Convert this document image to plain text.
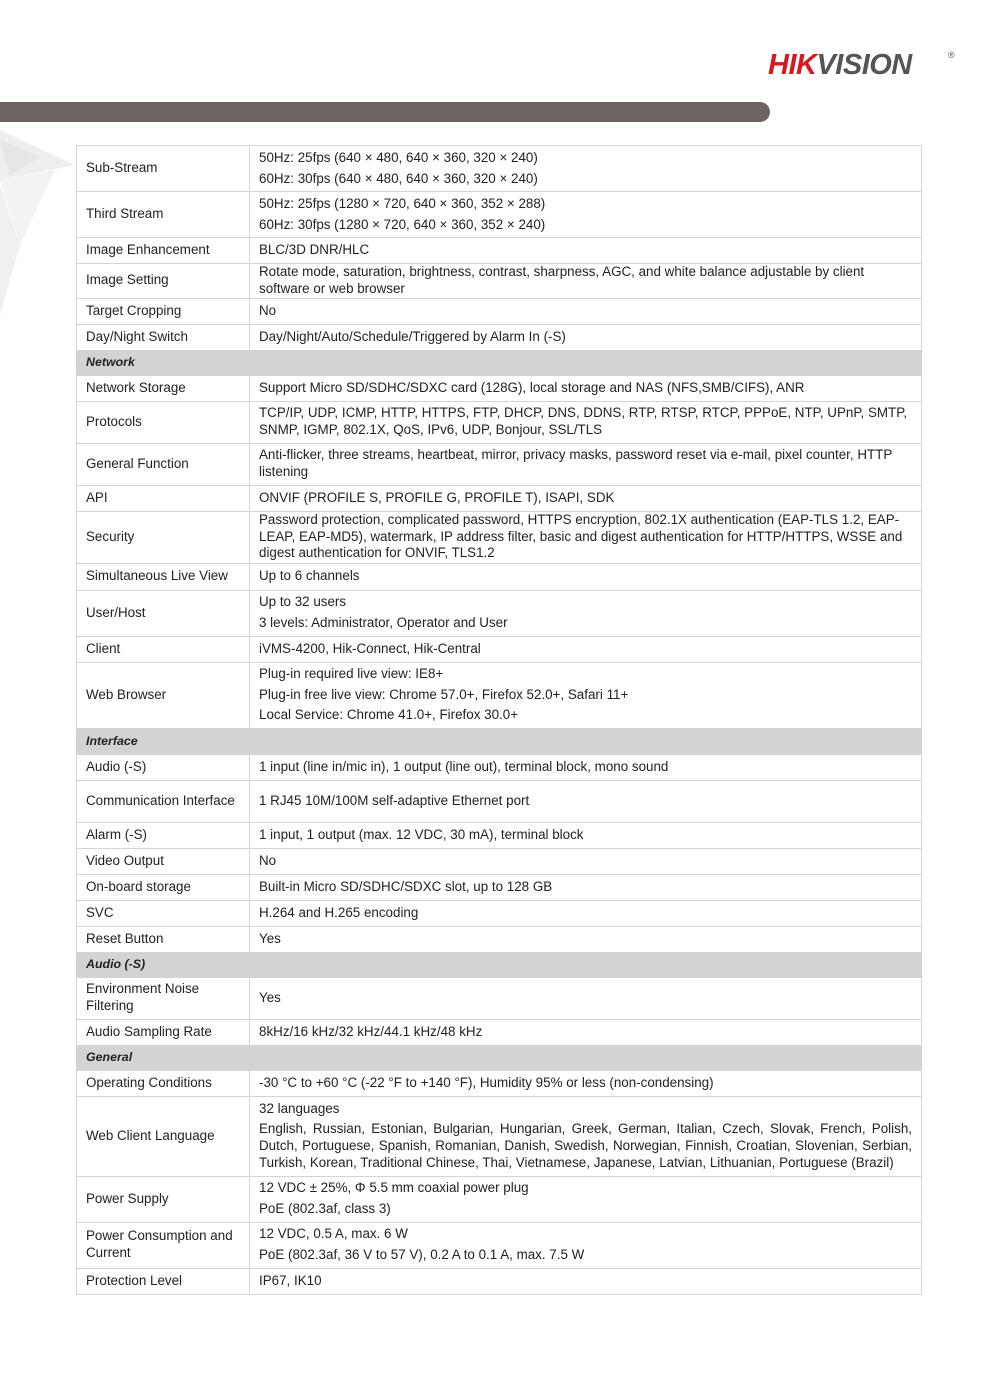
HIKVISION	®
Sub-Stream	50Hz: 25fps (640 × 480, 640 × 360, 320 × 240)
60Hz: 30fps (640 × 480, 640 × 360, 320 × 240)

Third Stream	50Hz: 25fps (1280 × 720, 640 × 360, 352 × 288)
60Hz: 30fps (1280 × 720, 640 × 360, 352 × 240)

Image Enhancement	BLC/3D DNR/HLC

Image Setting	Rotate mode, saturation, brightness, contrast, sharpness, AGC, and white balance adjustable by client software or web browser

Target Cropping	No

Day/Night Switch	Day/Night/Auto/Schedule/Triggered by Alarm In (-S)

Network	
Network Storage	Support Micro SD/SDHC/SDXC card (128G), local storage and NAS (NFS,SMB/CIFS), ANR

Protocols	TCP/IP, UDP, ICMP, HTTP, HTTPS, FTP, DHCP, DNS, DDNS, RTP, RTSP, RTCP, PPPoE, NTP, UPnP, SMTP, SNMP, IGMP, 802.1X, QoS, IPv6, UDP, Bonjour, SSL/TLS

General Function	Anti-flicker, three streams, heartbeat, mirror, privacy masks, password reset via e-mail, pixel counter, HTTP listening

API	ONVIF (PROFILE S, PROFILE G, PROFILE T), ISAPI, SDK

Security	Password protection, complicated password, HTTPS encryption, 802.1X authentication (EAP-TLS 1.2, EAP-LEAP, EAP-MD5), watermark, IP address filter, basic and digest authentication for HTTP/HTTPS, WSSE and digest authentication for ONVIF, TLS1.2

Simultaneous Live View	Up to 6 channels

User/Host	Up to 32 users
3 levels: Administrator, Operator and User

Client	iVMS-4200, Hik-Connect, Hik-Central

Web Browser	Plug-in required live view: IE8+
Plug-in free live view: Chrome 57.0+, Firefox 52.0+, Safari 11+
Local Service: Chrome 41.0+, Firefox 30.0+

Interface	
Audio (-S)	1 input (line in/mic in), 1 output (line out), terminal block, mono sound

Communication Interface	1 RJ45 10M/100M self-adaptive Ethernet port

Alarm (-S)	1 input, 1 output (max. 12 VDC, 30 mA), terminal block

Video Output	No

On-board storage	Built-in Micro SD/SDHC/SDXC slot, up to 128 GB

SVC	H.264 and H.265 encoding

Reset Button	Yes

Audio (-S)	
Environment Noise Filtering	Yes

Audio Sampling Rate	8kHz/16 kHz/32 kHz/44.1 kHz/48 kHz

General	
Operating Conditions	-30 °C to +60 °C (-22 °F to +140 °F), Humidity 95% or less (non-condensing)

Web Client Language	32 languages
English, Russian, Estonian, Bulgarian, Hungarian, Greek, German, Italian, Czech, Slovak, French, Polish, Dutch, Portuguese, Spanish, Romanian, Danish, Swedish, Norwegian, Finnish, Croatian, Slovenian, Serbian, Turkish, Korean, Traditional Chinese, Thai, Vietnamese, Japanese, Latvian, Lithuanian, Portuguese (Brazil)

Power Supply	12 VDC ± 25%, Φ 5.5 mm coaxial power plug
PoE (802.3af, class 3)

Power Consumption and Current	12 VDC, 0.5 A, max. 6 W
PoE (802.3af, 36 V to 57 V), 0.2 A to 0.1 A, max. 7.5 W

Protection Level	IP67, IK10
